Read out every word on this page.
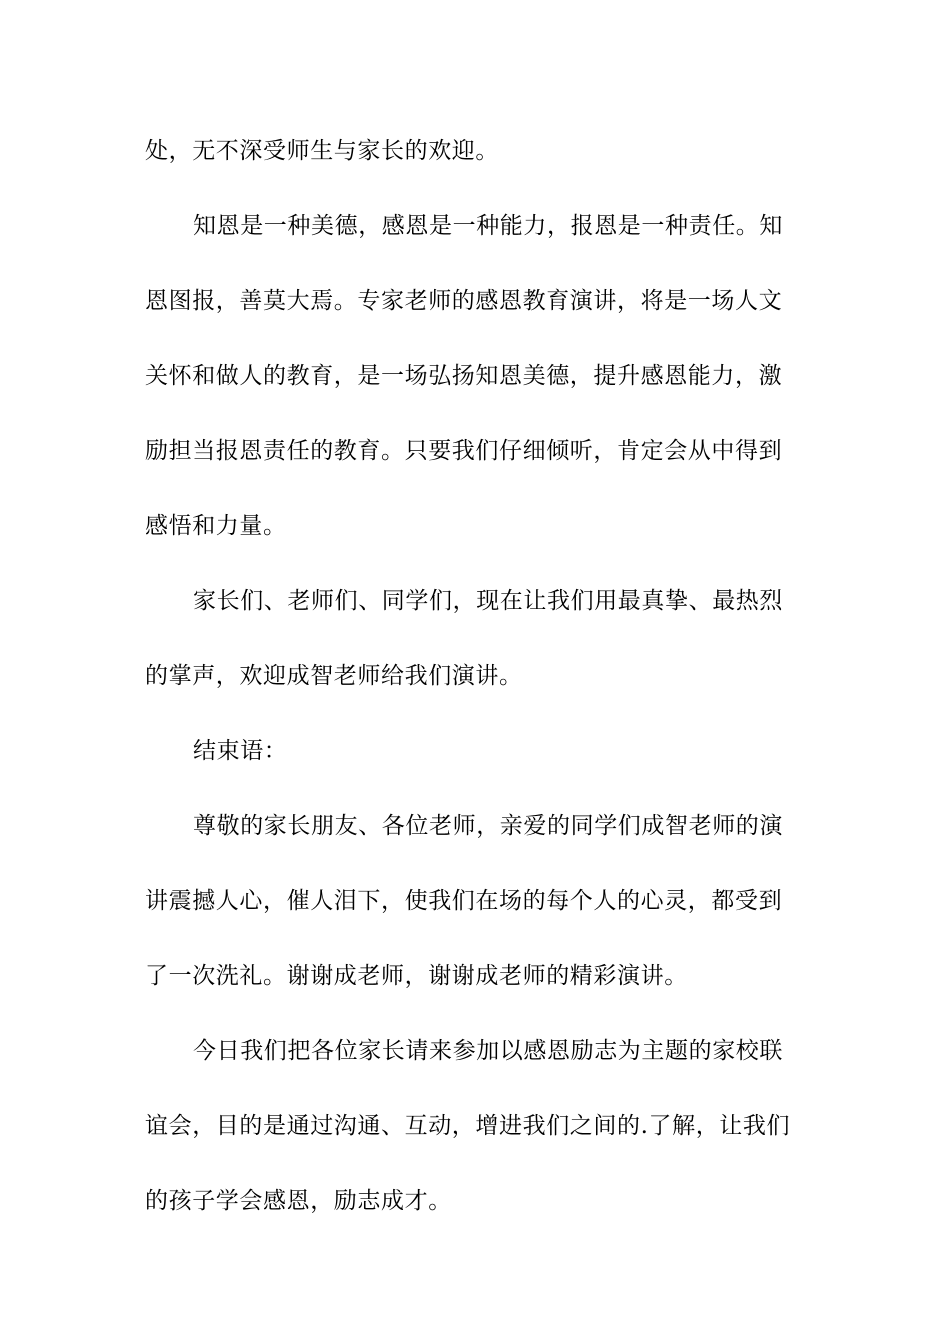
处，无不深受师生与家长的欢迎。
知恩是一种美德，感恩是一种能力，报恩是一种责任。知
恩图报，善莫大焉。专家老师的感恩教育演讲，将是一场人文
关怀和做人的教育，是一场弘扬知恩美德，提升感恩能力，激
励担当报恩责任的教育。只要我们仔细倾听，肯定会从中得到
感悟和力量。
家长们、老师们、同学们，现在让我们用最真挚、最热烈
的掌声，欢迎成智老师给我们演讲。
结束语：
尊敬的家长朋友、各位老师，亲爱的同学们成智老师的演
讲震撼人心，催人泪下，使我们在场的每个人的心灵，都受到
了一次洗礼。谢谢成老师，谢谢成老师的精彩演讲。
今日我们把各位家长请来参加以感恩励志为主题的家校联
谊会，目的是通过沟通、互动，增进我们之间的.了解，让我们
的孩子学会感恩，励志成才。
